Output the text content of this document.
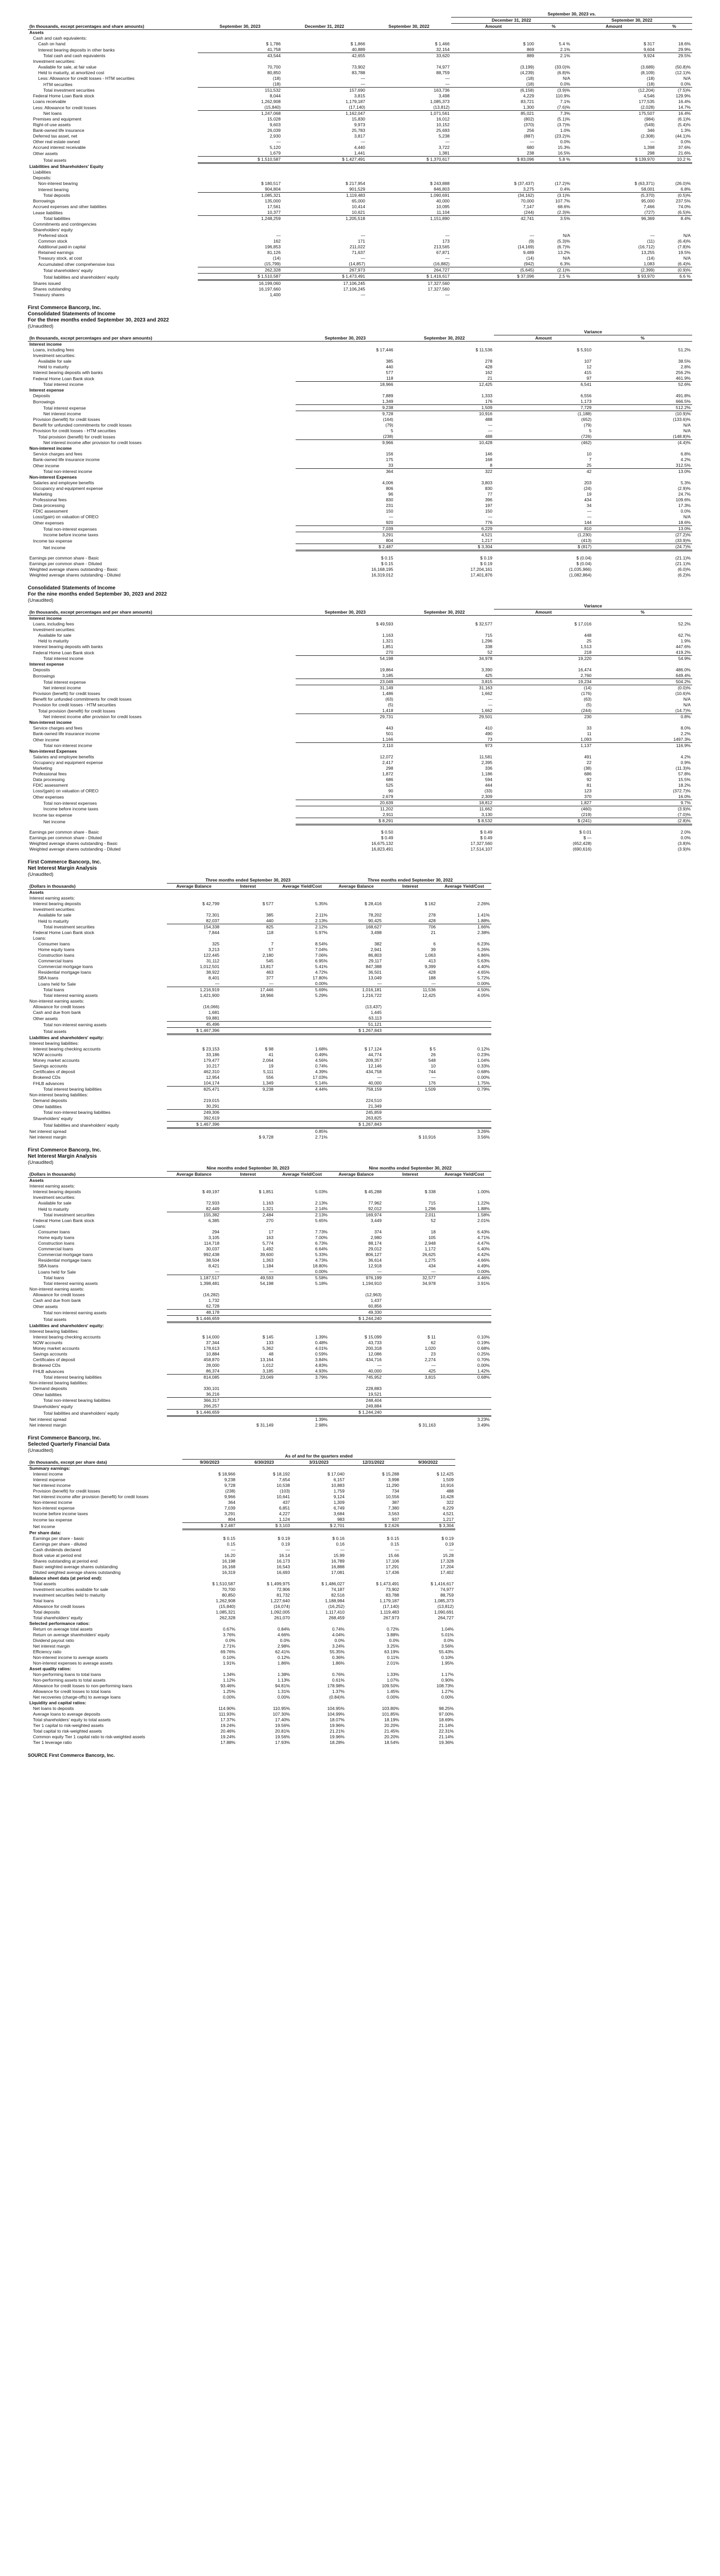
				September 30, 2023 vs.			
				December 31, 2022		September 30, 2022	
(In thousands, except percentages and share amounts)	September 30, 2023	December 31, 2022	September 30, 2022	Amount	%	Amount	%
Assets							
Cash and cash equivalents:							
Cash on hand	$ 1,786	$ 1,866	$ 1,466	$ 100	5.4 %	$ 317	18.6%
Interest bearing deposits in other banks	41,758	40,889	32,154	869	2.1%	9,604	29.9%
Total cash and cash equivalents	43,544	42,655	33,620	889	2.1%	9,924	29.5%
Investment securities:							
Available for sale, at fair value	70,700	73,902	74,977	(3,199)	(33.0)%	(3,689)	(50.8)%
Held to maturity, at amortized cost	80,850	83,788	88,759	(4,239)	(6.8)%	(8,109)	(12.1)%
Less: Allowance for credit losses - HTM securities	(18)	—	—	(18)	N/A	(18)	N/A
HTM securities	(18)	—	—	(18)	0.0%	(18)	0.0%
Total investment securities	151,532	157,690	163,736	(6,158)	(3.9)%	(12,204)	(7.5)%
Federal Home Loan Bank stock	8,044	3,815	3,498	4,229	110.9%	4,546	129.9%
Loans receivable	1,262,908	1,179,187	1,085,373	83,721	7.1%	177,535	16.4%
Less: Allowance for credit losses	(15,840)	(17,140)	(13,812)	1,300	(7.6)%	(2,028)	14.7%
Net loans	1,247,068	1,162,047	1,071,561	85,021	7.3%	175,507	16.4%
Premises and equipment	15,028	15,830	16,012	(802)	(5.1)%	(984)	(6.1)%
Right-of-use assets	9,603	9,973	10,152	(370)	(3.7)%	(549)	(5.4)%
Bank-owned life insurance	26,039	25,783	25,693	256	1.0%	346	1.3%
Deferred tax asset, net	2,930	3,817	5,238	(887)	(23.2)%	(2,308)	(44.1)%
Other real estate owned	—	—	—	—	0.0%	—	0.0%
Accrued interest receivable	5,120	4,440	3,722	680	15.3%	1,398	37.6%
Other assets	1,679	1,441	1,381	238	16.5%	298	21.6%
Total assets	$ 1,510,587	$ 1,427,491	$ 1,370,617	$ 83,096	5.8 %	$ 139,970	10.2 %
Liabilities and Shareholders' Equity							
Liabilities							
Deposits:							
Non-interest bearing	$ 180,517	$ 217,954	$ 243,888	$ (37,437)	(17.2)%	$ (63,371)	(26.0)%
Interest bearing	904,804	901,529	846,803	3,275	0.4%	58,001	6.8%
Total deposits	1,085,321	1,119,483	1,090,691	(34,162)	(3.1)%	(5,370)	(0.5)%
Borrowings	135,000	65,000	40,000	70,000	107.7%	95,000	237.5%
Accrued expenses and other liabilities	17,561	10,414	10,095	7,147	68.6%	7,466	74.0%
Lease liabilities	10,377	10,621	11,104	(244)	(2.3)%	(727)	(6.5)%
Total liabilities	1,248,259	1,205,518	1,151,890	42,741	3.5%	96,369	8.4%
Commitments and contingencies							
Shareholders' equity							
Preferred stock	—	—	—	—	N/A	—	N/A
Common stock	162	171	173	(9)	(5.3)%	(11)	(6.4)%
Additional paid-in capital	196,853	211,022	213,565	(14,169)	(6.7)%	(16,712)	(7.8)%
Retained earnings	81,126	71,637	67,871	9,489	13.2%	13,255	19.5%
Treasury stock, at cost	(14)	—	—	(14)	N/A	(14)	N/A
Accumulated other comprehensive loss	(15,799)	(14,857)	(16,882)	(942)	6.3%	1,083	(6.4)%
Total shareholders' equity	262,328	267,973	264,727	(5,645)	(2.1)%	(2,399)	(0.9)%
Total liabilities and shareholders' equity	$ 1,510,587	$ 1,473,491	$ 1,416,617	$ 37,096	2.5 %	$ 93,970	6.6 %
Shares issued	16,199,060	17,106,245	17,327,560				
Shares outstanding	16,197,660	17,106,245	17,327,560				
Treasury shares	1,400	—	—				
First Commerce Bancorp, Inc.
Consolidated Statements of Income
For the three months ended September 30, 2023 and 2022
(Unaudited)
			Variance	
(In thousands, except percentages and per share amounts)	September 30, 2023	September 30, 2022	Amount	%
Interest income				
Loans, including fees	$ 17,446	$ 11,536	$ 5,910	51.2%
Investment securities:				
Available for sale	385	278	107	38.5%
Held to maturity	440	428	12	2.8%
Interest bearing deposits with banks	577	162	415	256.2%
Federal Home Loan Bank stock	118	21	97	461.9%
Total interest income	18,966	12,425	6,541	52.6%
Interest expense				
Deposits	7,889	1,333	6,556	491.8%
Borrowings	1,349	176	1,173	666.5%
Total interest expense	9,238	1,509	7,729	512.2%
Net interest income	9,728	10,916	(1,188)	(10.9)%
Provision (benefit) for credit losses	(164)	488	(652)	(133.6)%
Benefit for unfunded commitments for credit losses	(79)	—	(79)	N/A
Provision for credit losses - HTM securities	5	—	5	N/A
Total provision (benefit) for credit losses	(238)	488	(726)	(148.8)%
Net interest income after provision for credit losses	9,966	10,428	(462)	(4.4)%
Non-interest income				
Service charges and fees	156	146	10	6.8%
Bank-owned life insurance income	175	168	7	4.2%
Other income	33	8	25	312.5%
Total non-interest income	364	322	42	13.0%
Non-interest Expenses				
Salaries and employee benefits	4,006	3,803	203	5.3%
Occupancy and equipment expense	806	830	(24)	(2.9)%
Marketing	96	77	19	24.7%
Professional fees	830	396	434	109.6%
Data processing	231	197	34	17.3%
FDIC assessment	150	150	—	0.0%
Loss/(gain) on valuation of OREO	—	—	—	N/A
Other expenses	920	776	144	18.6%
Total non-interest expenses	7,039	6,229	810	13.0%
Income before income taxes	3,291	4,521	(1,230)	(27.2)%
Income tax expense	804	1,217	(413)	(33.9)%
Net income	$ 2,487	$ 3,304	$ (817)	(24.7)%

Earnings per common share - Basic	$ 0.15	$ 0.19	$ (0.04)	(21.1)%
Earnings per common share - Diluted	$ 0.15	$ 0.19	$ (0.04)	(21.1)%
Weighted average shares outstanding - Basic	16,168,195	17,204,161	(1,035,966)	(6.0)%
Weighted average shares outstanding - Diluted	16,319,012	17,401,876	(1,082,864)	(6.2)%
Consolidated Statements of Income
For the nine months ended September 30, 2023 and 2022
(Unaudited)
			Variance	
(In thousands, except percentages and per share amounts)	September 30, 2023	September 30, 2022	Amount	%
Interest income				
Loans, including fees	$ 49,593	$ 32,577	$ 17,016	52.2%
Investment securities:				
Available for sale	1,163	715	448	62.7%
Held to maturity	1,321	1,296	25	1.9%
Interest bearing deposits with banks	1,851	338	1,513	447.6%
Federal Home Loan Bank stock	270	52	218	419.2%
Total interest income	54,198	34,978	19,220	54.9%
Interest expense				
Deposits	19,864	3,390	16,474	486.0%
Borrowings	3,185	425	2,760	649.4%
Total interest expense	23,049	3,815	19,234	504.2%
Net interest income	31,149	31,163	(14)	(0.0)%
Provision (benefit) for credit losses	1,486	1,662	(176)	(10.6)%
Benefit for unfunded commitments for credit losses	(63)	—	(63)	N/A
Provision for credit losses - HTM securities	(5)	—	(5)	N/A
Total provision (benefit) for credit losses	1,418	1,662	(244)	(14.7)%
Net interest income after provision for credit losses	29,731	29,501	230	0.8%
Non-interest income				
Service charges and fees	443	410	33	8.0%
Bank-owned life insurance income	501	490	11	2.2%
Other income	1,166	73	1,093	1497.3%
Total non-interest income	2,110	973	1,137	116.9%
Non-interest Expenses				
Salaries and employee benefits	12,072	11,581	491	4.2%
Occupancy and equipment expense	2,417	2,395	22	0.9%
Marketing	298	336	(38)	(11.3)%
Professional fees	1,872	1,186	686	57.8%
Data processing	686	594	92	15.5%
FDIC assessment	525	444	81	18.2%
Loss/(gain) on valuation of OREO	90	(33)	123	(372.7)%
Other expenses	2,679	2,309	370	16.0%
Total non-interest expenses	20,639	18,812	1,827	9.7%
Income before income taxes	11,202	11,662	(460)	(3.9)%
Income tax expense	2,911	3,130	(219)	(7.0)%
Net income	$ 8,291	$ 8,532	$ (241)	(2.8)%

Earnings per common share - Basic	$ 0.50	$ 0.49	$ 0.01	2.0%
Earnings per common share - Diluted	$ 0.49	$ 0.49	$ —	0.0%
Weighted average shares outstanding - Basic	16,675,132	17,327,560	(652,428)	(3.8)%
Weighted average shares outstanding - Diluted	16,823,491	17,514,107	(690,616)	(3.9)%
First Commerce Bancorp, Inc.
Net Interest Margin Analysis
(Unaudited)
	Three months ended September 30, 2023			Three months ended September 30, 2022		
(Dollars in thousands)	Average Balance	Interest	Average Yield/Cost	Average Balance	Interest	Average Yield/Cost
Assets						
Interest earning assets:						
Interest bearing deposits	$ 42,799	$ 577	5.35%	$ 28,416	$ 162	2.26%
Investment securities:						
Available for sale	72,301	385	2.11%	78,202	278	1.41%
Held to maturity	82,037	440	2.13%	90,425	428	1.88%
Total investment securities	154,338	825	2.12%	168,627	706	1.66%
Federal Home Loan Bank stock	7,844	118	5.97%	3,498	21	2.38%
Loans:						
Consumer loans	325	7	8.54%	382	6	6.23%
Home equity loans	3,213	57	7.04%	2,941	39	5.26%
Construction loans	122,445	2,180	7.06%	86,803	1,063	4.86%
Commercial loans	31,112	545	6.95%	29,117	413	5.63%
Commercial mortgage loans	1,012,501	13,817	5.41%	847,388	9,399	4.40%
Residential mortgage loans	38,922	463	4.72%	36,501	428	4.65%
SBA loans	8,401	377	17.80%	13,049	188	5.72%
Loans held for Sale	—	—	0.00%	—	—	0.00%
Total loans	1,216,919	17,446	5.69%	1,016,181	11,536	4.50%
Total interest earning assets	1,421,900	18,966	5.29%	1,216,722	12,425	4.05%
Non-interest earning assets:						
Allowance for credit losses	(16,066)			(13,437)		
Cash and due from bank	1,681			1,445		
Other assets	59,881			63,113		
Total non-interest earning assets	45,496			51,121		
Total assets	$ 1,467,396			$ 1,267,843		
Liabilities and shareholders' equity:						
Interest bearing liabilities:						
Interest bearing checking accounts	$ 23,153	$ 98	1.68%	$ 17,124	$ 5	0.12%
NOW accounts	33,186	41	0.49%	44,774	26	0.23%
Money market accounts	179,477	2,064	4.56%	209,357	548	1.04%
Savings accounts	10,217	19	0.74%	12,146	10	0.33%
Certificates of deposit	462,310	5,111	4.39%	434,758	744	0.68%
Brokered CDs	12,954	556	17.03%	—	—	0.00%
FHLB advances	104,174	1,349	5.14%	40,000	176	1.75%
Total interest bearing liabilities	825,471	9,238	4.44%	758,159	1,509	0.79%
Non-interest bearing liabilities:						
Demand deposits	219,015			224,510		
Other liabilities	30,291			21,349		
Total non-interest bearing liabilities	249,306			245,859		
Shareholders' equity	392,619			263,825		
Total liabilities and shareholders' equity	$ 1,467,396			$ 1,267,843		
Net interest spread			0.85%			3.26%
Net interest margin		$ 9,728	2.71%		$ 10,916	3.56%
First Commerce Bancorp, Inc.
Net Interest Margin Analysis
(Unaudited)
	Nine months ended September 30, 2023			Nine months ended September 30, 2022		
(Dollars in thousands)	Average Balance	Interest	Average Yield/Cost	Average Balance	Interest	Average Yield/Cost
Assets						
Interest earning assets:						
Interest bearing deposits	$ 49,197	$ 1,851	5.03%	$ 45,288	$ 338	1.00%
Investment securities:						
Available for sale	72,933	1,163	2.13%	77,962	715	1.22%
Held to maturity	82,449	1,321	2.14%	92,012	1,296	1.88%
Total investment securities	155,382	2,484	2.13%	169,974	2,011	1.58%
Federal Home Loan Bank stock	6,385	270	5.65%	3,449	52	2.01%
Loans:						
Consumer loans	294	17	7.73%	374	18	6.43%
Home equity loans	3,105	163	7.00%	2,980	105	4.71%
Construction loans	114,718	5,774	6.73%	88,174	2,948	4.47%
Commercial loans	30,037	1,492	6.64%	29,012	1,172	5.40%
Commercial mortgage loans	992,438	39,600	5.33%	806,127	26,625	4.42%
Residential mortgage loans	38,504	1,363	4.73%	36,614	1,275	4.66%
SBA loans	8,421	1,184	18.80%	12,918	434	4.49%
Loans held for Sale	—	—	0.00%	—	—	0.00%
Total loans	1,187,517	49,593	5.58%	976,199	32,577	4.46%
Total interest earning assets	1,398,481	54,198	5.18%	1,194,910	34,978	3.91%
Non-interest earning assets:						
Allowance for credit losses	(16,282)			(12,963)		
Cash and due from bank	1,732			1,437		
Other assets	62,728			60,856		
Total non-interest earning assets	48,178			49,330		
Total assets	$ 1,446,659			$ 1,244,240		
Liabilities and shareholders' equity:						
Interest bearing liabilities:						
Interest bearing checking accounts	$ 14,000	$ 145	1.39%	$ 15,099	$ 11	0.10%
NOW accounts	37,344	133	0.48%	43,733	62	0.19%
Money market accounts	178,613	5,362	4.01%	200,318	1,020	0.68%
Savings accounts	10,884	48	0.59%	12,086	23	0.25%
Certificates of deposit	458,870	13,164	3.84%	434,716	2,274	0.70%
Brokered CDs	28,000	1,012	4.83%	—	—	0.00%
FHLB advances	86,374	3,185	4.93%	40,000	425	1.42%
Total interest bearing liabilities	814,085	23,049	3.79%	745,952	3,815	0.68%
Non-interest bearing liabilities:						
Demand deposits	330,101			228,883		
Other liabilities	36,216			19,521		
Total non-interest bearing liabilities	366,317			248,404		
Shareholders' equity	266,257			249,884		
Total liabilities and shareholders' equity	$ 1,446,659			$ 1,244,240		
Net interest spread			1.39%			3.23%
Net interest margin		$ 31,149	2.98%		$ 31,163	3.49%
First Commerce Bancorp, Inc.
Selected Quarterly Financial Data
(Unaudited)
	As of and for the quarters ended				
(In thousands, except per share data)	9/30/2023	6/30/2023	3/31/2023	12/31/2022	9/30/2022
Summary earnings:					
Interest income	$ 18,966	$ 18,192	$ 17,040	$ 15,288	$ 12,425
Interest expense	9,238	7,654	6,157	3,998	1,509
Net interest income	9,728	10,538	10,883	11,290	10,916
Provision (benefit) for credit losses	(238)	(103)	1,759	734	488
Net interest income after provision (benefit) for credit losses	9,966	10,641	9,124	10,556	10,428
Non-interest income	364	437	1,309	387	322
Non-interest expense	7,039	6,851	6,749	7,380	6,229
Income before income taxes	3,291	4,227	3,684	3,563	4,521
Income tax expense	804	1,124	983	937	1,217
Net income	$ 2,487	$ 3,103	$ 2,701	$ 2,626	$ 3,304
Per share data:					
Earnings per share - basic	$ 0.15	$ 0.19	$ 0.16	$ 0.15	$ 0.19
Earnings per share - diluted	0.15	0.19	0.16	0.15	0.19
Cash dividends declared	—	—	—	—	—
Book value at period end	16.20	16.14	15.99	15.66	15.28
Shares outstanding at period end	16,198	16,173	16,789	17,106	17,328
Basic weighted average shares outstanding	16,168	16,543	16,888	17,291	17,204
Diluted weighted average shares outstanding	16,319	16,693	17,081	17,436	17,402
Balance sheet data (at period end):					
Total assets	$ 1,510,587	$ 1,499,975	$ 1,486,027	$ 1,473,491	$ 1,416,617
Investment securities available for sale	70,700	72,906	74,187	73,902	74,977
Investment securities held to maturity	80,850	81,732	82,516	83,788	88,759
Total loans	1,262,908	1,227,640	1,188,984	1,179,187	1,085,373
Allowance for credit losses	(15,840)	(16,074)	(16,252)	(17,140)	(13,812)
Total deposits	1,085,321	1,092,005	1,117,410	1,119,483	1,090,691
Total shareholders' equity	262,328	261,070	268,459	267,973	264,727
Selected performance ratios:					
Return on average total assets	0.67%	0.84%	0.74%	0.72%	1.04%
Return on average shareholders' equity	3.76%	4.66%	4.04%	3.88%	5.01%
Dividend payout ratio	0.0%	0.0%	0.0%	0.0%	0.0%
Net interest margin	2.71%	2.98%	3.24%	3.25%	3.56%
Efficiency ratio	69.76%	62.41%	55.35%	63.19%	55.43%
Non-interest income to average assets	0.10%	0.12%	0.36%	0.11%	0.10%
Non-interest expenses to average assets	1.91%	1.86%	1.86%	2.01%	1.95%
Asset quality ratios:					
Non-performing loans to total loans	1.34%	1.38%	0.76%	1.33%	1.17%
Non-performing assets to total assets	1.12%	1.13%	0.61%	1.07%	0.90%
Allowance for credit losses to non-performing loans	93.46%	94.81%	178.98%	109.50%	108.73%
Allowance for credit losses to total loans	1.25%	1.31%	1.37%	1.45%	1.27%
Net recoveries (charge-offs) to average loans	0.00%	0.00%	(0.84)%	0.00%	0.00%
Liquidity and capital ratios:					
Net loans to deposits	114.90%	110.95%	104.95%	103.80%	98.25%
Average loans to average deposits	111.93%	107.30%	104.99%	101.85%	97.00%
Total shareholders' equity to total assets	17.37%	17.40%	18.07%	18.19%	18.69%
Tier 1 capital to risk-weighted assets	19.24%	19.56%	19.96%	20.20%	21.14%
Total capital to risk-weighted assets	20.46%	20.81%	21.21%	21.45%	22.31%
Common equity Tier 1 capital ratio to risk-weighted assets	19.24%	19.56%	19.96%	20.20%	21.14%
Tier 1 leverage ratio	17.88%	17.93%	18.28%	18.54%	19.36%
SOURCE First Commerce Bancorp, Inc.
